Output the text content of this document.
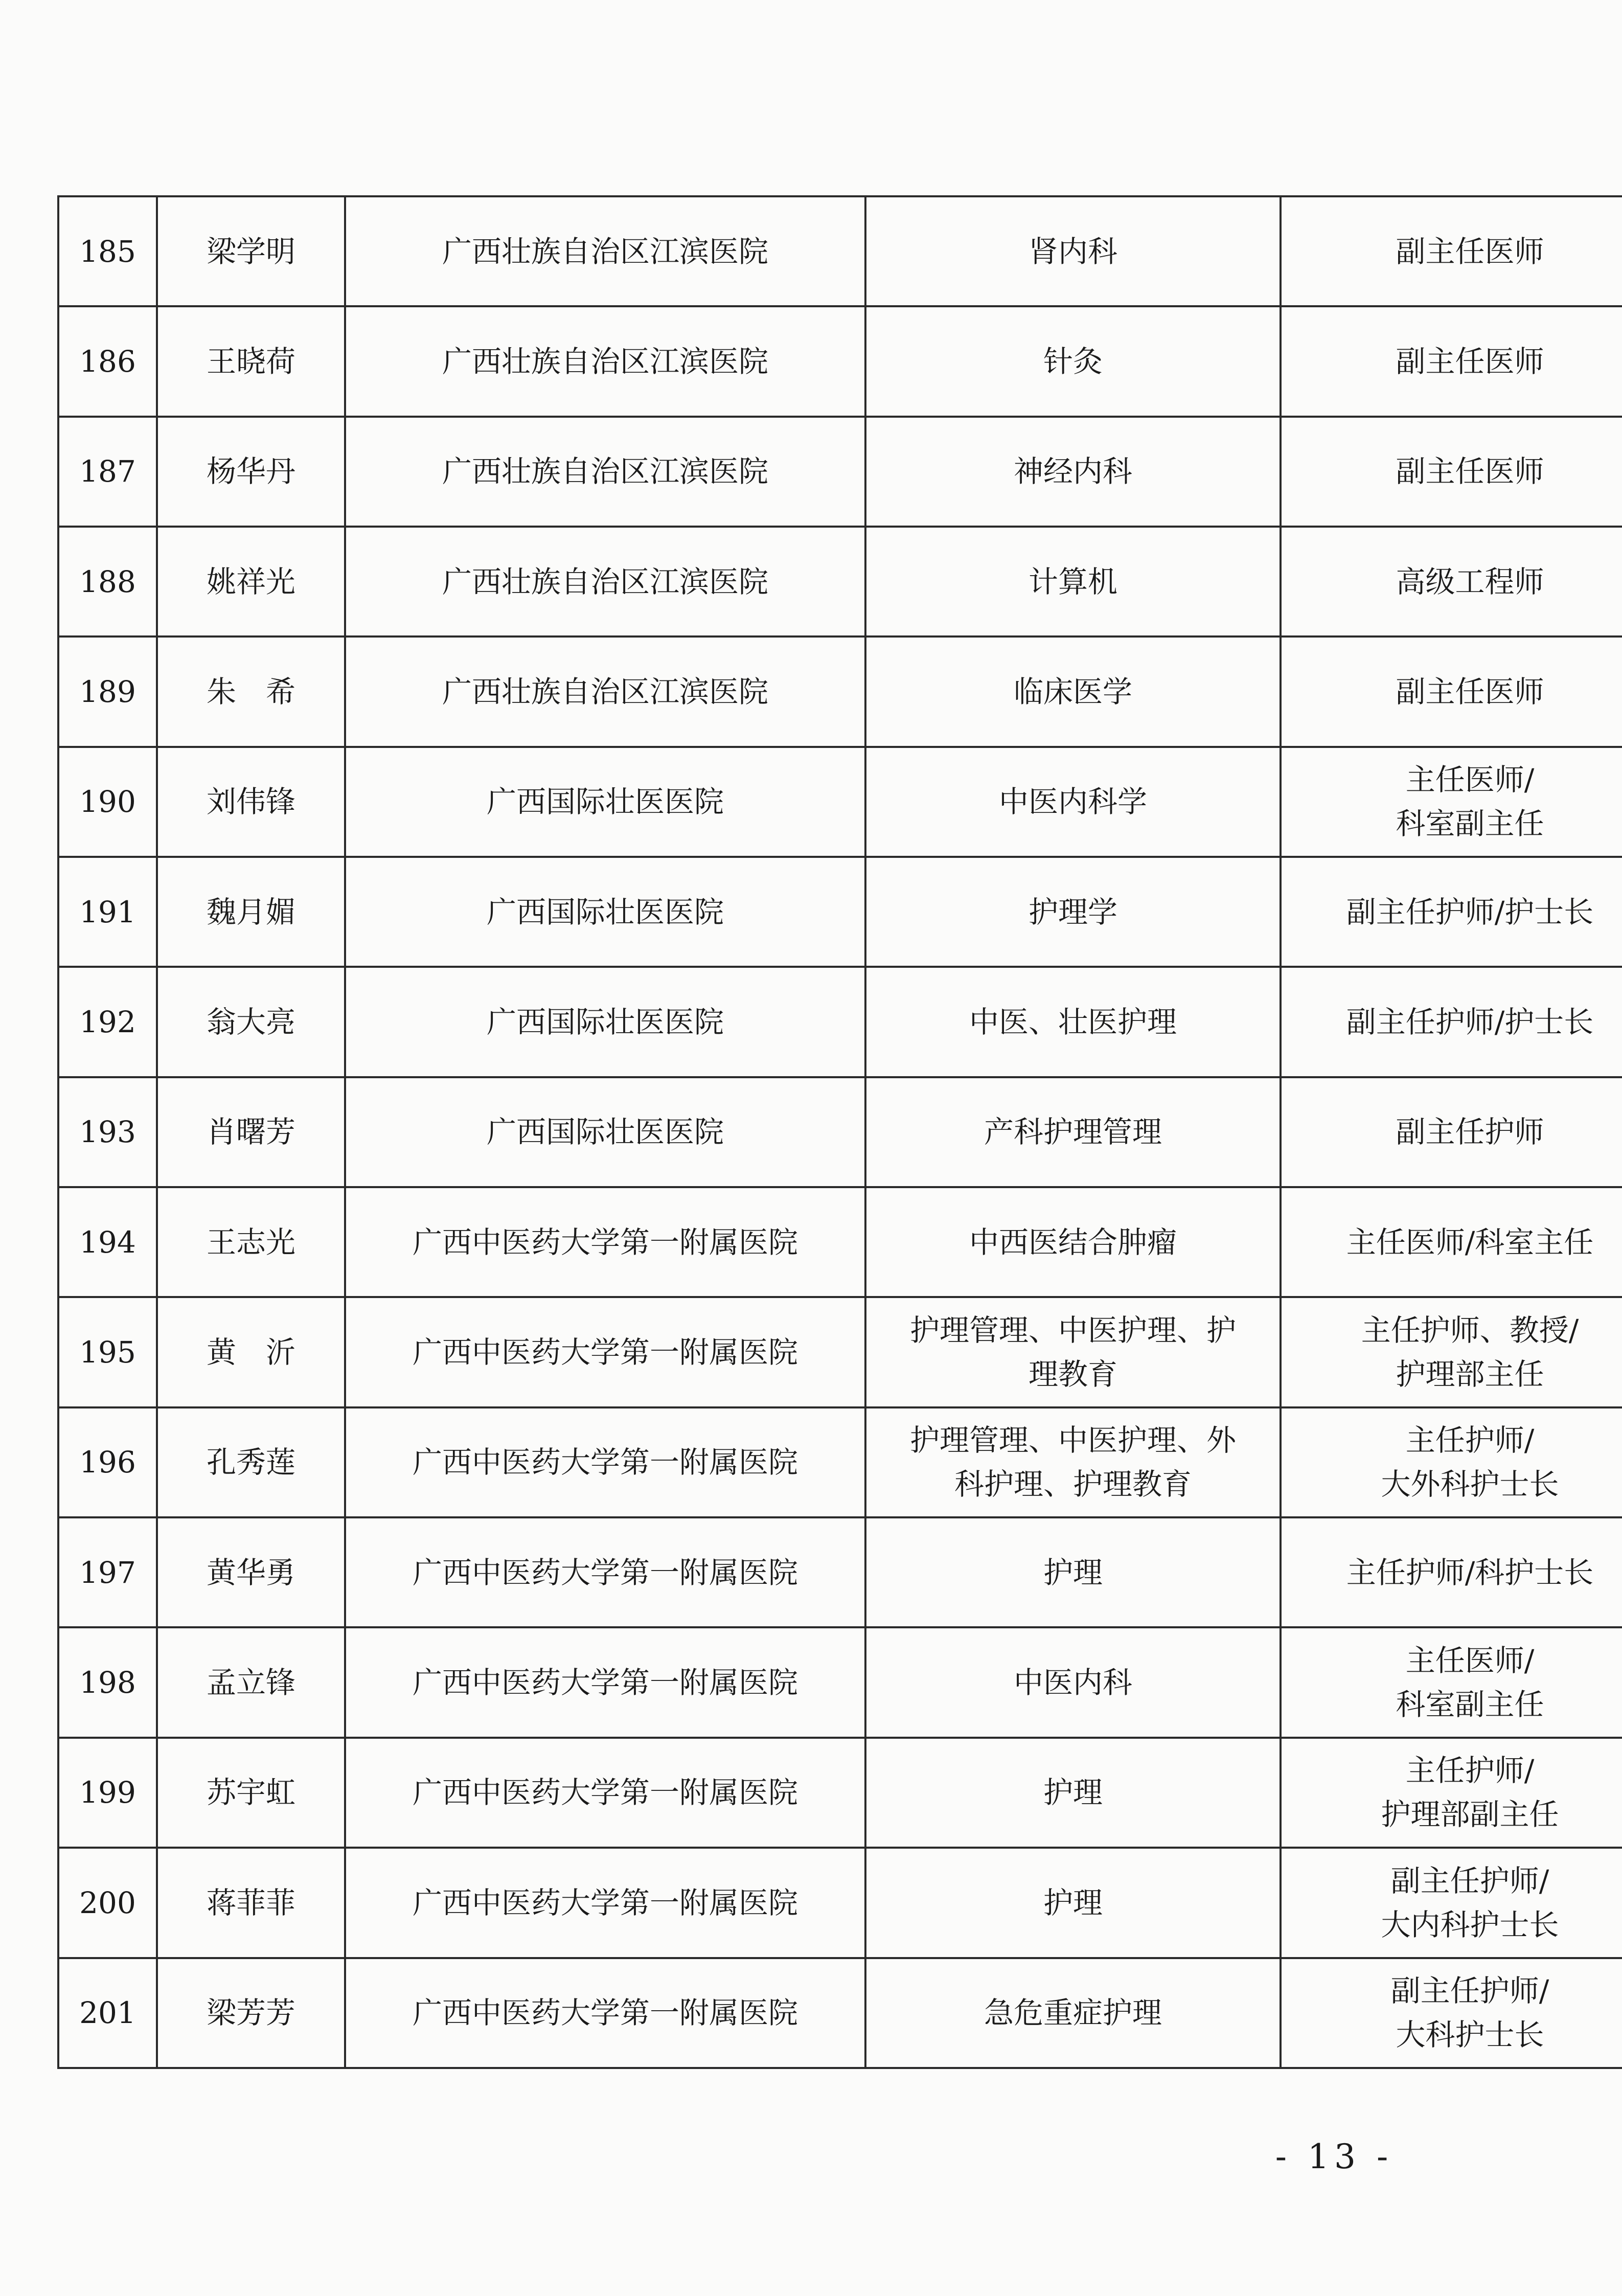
185	梁学明	广西壮族自治区江滨医院	肾内科	副主任医师

186	王晓荷	广西壮族自治区江滨医院	针灸	副主任医师

187	杨华丹	广西壮族自治区江滨医院	神经内科	副主任医师

188	姚祥光	广西壮族自治区江滨医院	计算机	高级工程师

189	朱　希	广西壮族自治区江滨医院	临床医学	副主任医师

190	刘伟锋	广西国际壮医医院	中医内科学	主任医师/
科室副主任

191	魏月媚	广西国际壮医医院	护理学	副主任护师/护士长

192	翁大亮	广西国际壮医医院	中医、壮医护理	副主任护师/护士长

193	肖曙芳	广西国际壮医医院	产科护理管理	副主任护师

194	王志光	广西中医药大学第一附属医院	中西医结合肿瘤	主任医师/科室主任

195	黄　沂	广西中医药大学第一附属医院	护理管理、中医护理、护
理教育	主任护师、教授/
护理部主任

196	孔秀莲	广西中医药大学第一附属医院	护理管理、中医护理、外
科护理、护理教育	主任护师/
大外科护士长

197	黄华勇	广西中医药大学第一附属医院	护理	主任护师/科护士长

198	孟立锋	广西中医药大学第一附属医院	中医内科	主任医师/
科室副主任

199	苏宇虹	广西中医药大学第一附属医院	护理	主任护师/
护理部副主任

200	蒋菲菲	广西中医药大学第一附属医院	护理	副主任护师/
大内科护士长

201	梁芳芳	广西中医药大学第一附属医院	急危重症护理	副主任护师/
大科护士长
- 13 -
